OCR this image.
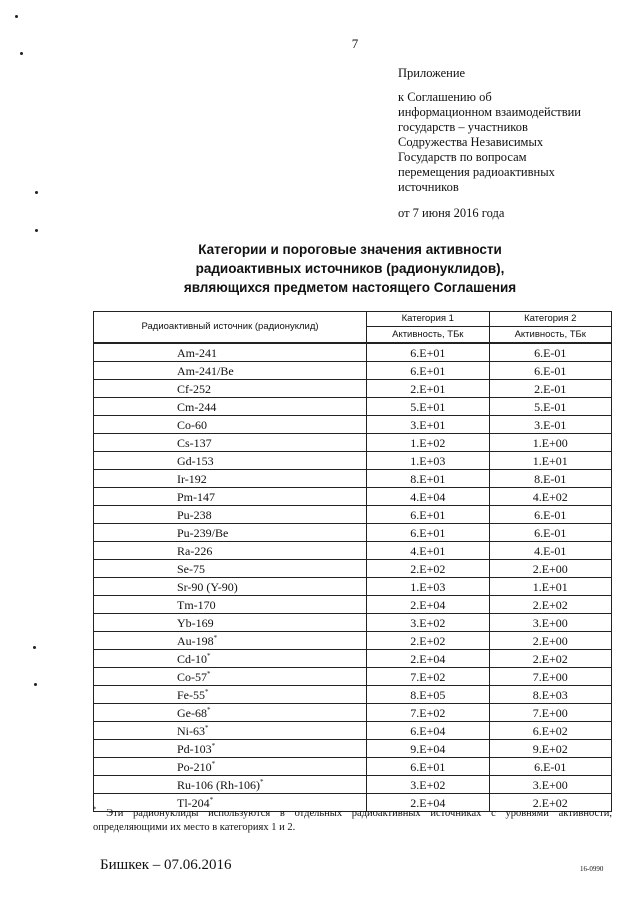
7
Приложение
к Соглашению об
информационном взаимодействии
государств – участников
Содружества Независимых
Государств по вопросам
перемещения радиоактивных
источников
от 7 июня 2016 года
Категории и пороговые значения активности
радиоактивных источников (радионуклидов),
являющихся предметом настоящего Соглашения
Радиоактивный источник (радионуклид)	Категория 1	Категория 2
	Активность, ТБк	Активность, ТБк
Am-241	6.E+01	6.E-01
Am-241/Be	6.E+01	6.E-01
Cf-252	2.E+01	2.E-01
Cm-244	5.E+01	5.E-01
Co-60	3.E+01	3.E-01
Cs-137	1.E+02	1.E+00
Gd-153	1.E+03	1.E+01
Ir-192	8.E+01	8.E-01
Pm-147	4.E+04	4.E+02
Pu-238	6.E+01	6.E-01
Pu-239/Be	6.E+01	6.E-01
Ra-226	4.E+01	4.E-01
Se-75	2.E+02	2.E+00
Sr-90 (Y-90)	1.E+03	1.E+01
Tm-170	2.E+04	2.E+02
Yb-169	3.E+02	3.E+00
Au-198*	2.E+02	2.E+00
Cd-10*	2.E+04	2.E+02
Co-57*	7.E+02	7.E+00
Fe-55*	8.E+05	8.E+03
Ge-68*	7.E+02	7.E+00
Ni-63*	6.E+04	6.E+02
Pd-103*	9.E+04	9.E+02
Po-210*	6.E+01	6.E-01
Ru-106 (Rh-106)*	3.E+02	3.E+00
Tl-204*	2.E+04	2.E+02
* Эти радионуклиды используются в отдельных радиоактивных источниках с уровнями активности, определяющими их место в категориях 1 и 2.
Бишкек – 07.06.2016	16-0990
